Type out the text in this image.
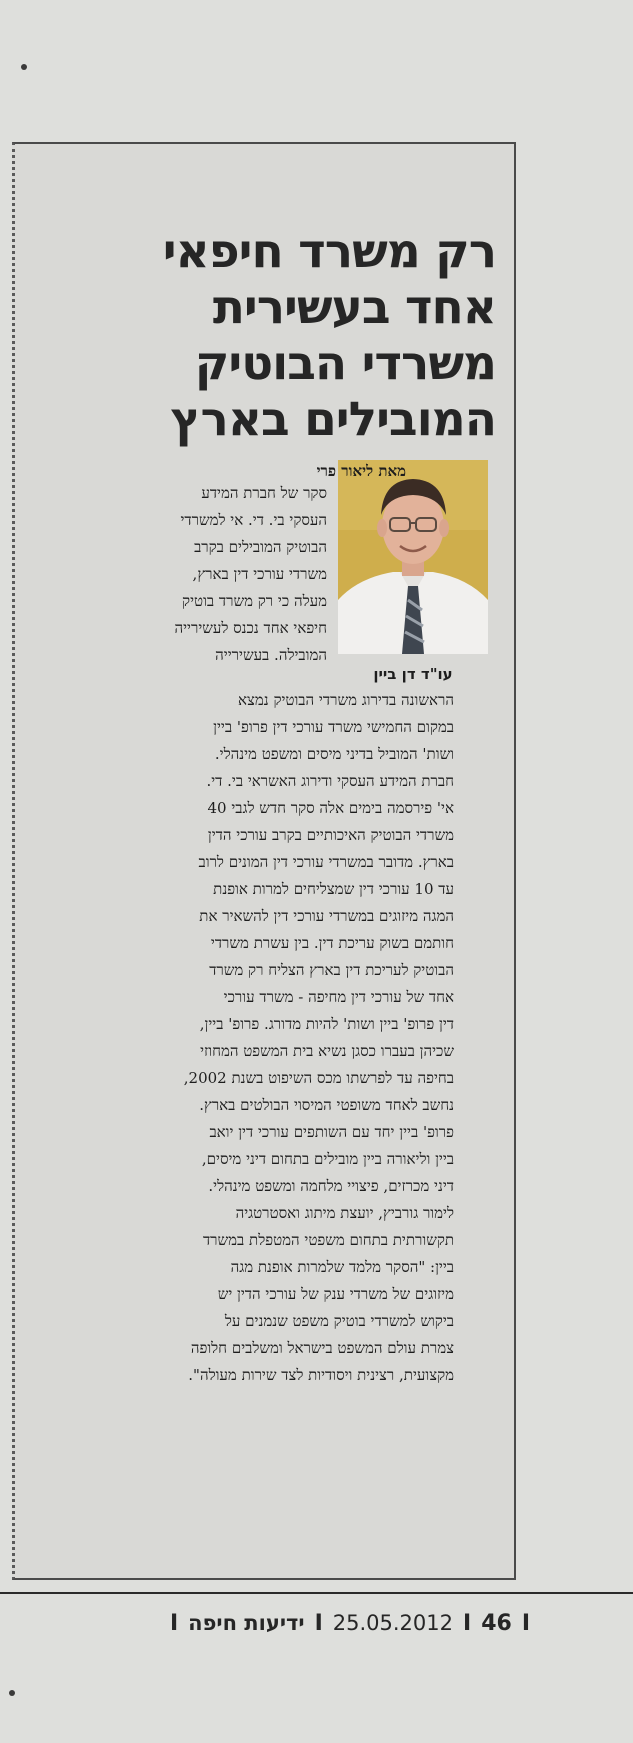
רק משרד חיפאי
אחד בעשירית
משרדי הבוטיק
המובילים בארץ

עו"ד דן ביין

מאת ליאור פרי

סקר של חברת המידע

העסקי בי. די. אי למשרדי

הבוטיק המובילים בקרב

משרדי עורכי דין בארץ,

מעלה כי רק משרד בוטיק

חיפאי אחד נכנס לעשירייה

המובילה. בעשירייה

הראשונה בדירוג משרדי הבוטיק נמצא

במקום החמישי משרד עורכי דין פרופ' ביין

ושות' המוביל בדיני מיסים ומשפט מינהלי.

חברת המידע העסקי ודירוג האשראי בי. די.

אי' פירסמה בימים אלה סקר חדש לגבי 40

משרדי הבוטיק האיכותיים בקרב עורכי הדין

בארץ. מדובר במשרדי עורכי דין המונים לרוב

עד 10 עורכי דין שמצליחים למרות אופנת

המגה מיזוגים במשרדי עורכי דין להשאיר את

חותמם בשוק עריכת דין. בין עשרת משרדי

הבוטיק לעריכת דין בארץ הצליח רק משרד

אחד של עורכי דין מחיפה - משרד עורכי

דין פרופ' ביין ושות' להיות מדורג. פרופ' ביין,

שכיהן בעברו כסגן נשיא בית המשפט המחוזי

בחיפה עד לפרשתו מכס השיפוט בשנת 2002,

נחשב לאחד משופטי המיסוי הבולטים בארץ.

פרופ' ביין יחד עם השותפים עורכי דין יואב

ביין וליאורה ביין מובילים בתחום דיני מיסים,

דיני מכרזים, פיצויי מלחמה ומשפט מינהלי.

לימור גורביץ, יועצת מיתוג ואסטרטגיה

תקשורתית בתחום משפטי המטפלת במשרד

ביין: "הסקר מלמד שלמרות אופנת מגה

מיזוגים של משרדי ענק של עורכי הדין יש

ביקוש למשרדי בוטיק משפט שנמנים על

צמרת עולם המשפט בישראל ומשלבים חלופה

מקצועית, רצינית ויסודיות לצד שירות מעולה".

I ידיעות חיפה I 25.05.2012 I 46 I
